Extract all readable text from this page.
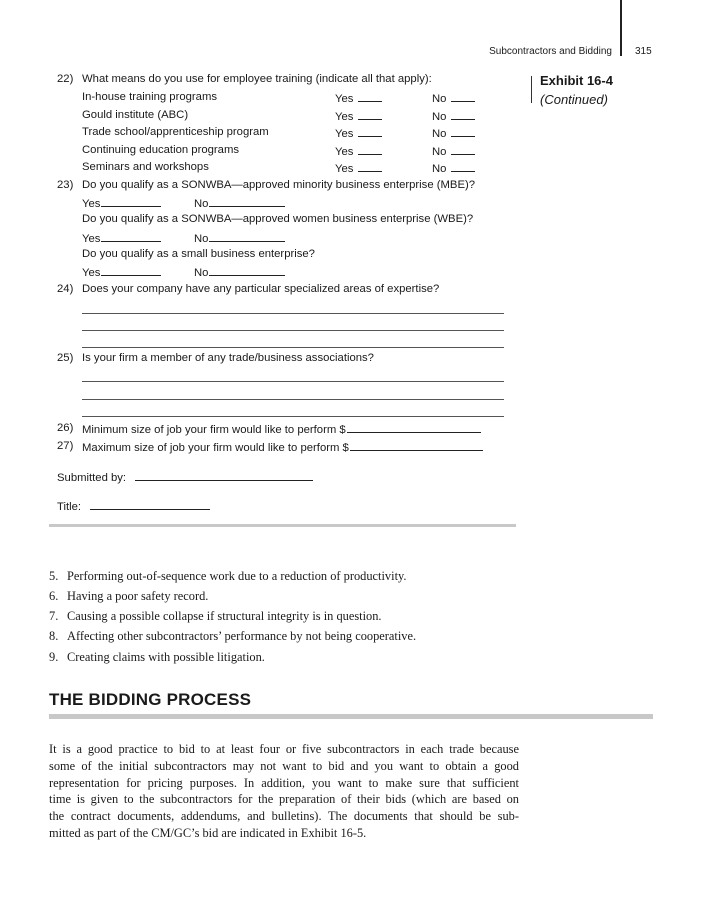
Subcontractors and Bidding 315
Exhibit 16-4
(Continued)
22) What means do you use for employee training (indicate all that apply):
In-house training programs	Yes	No
Gould institute (ABC)	Yes	No
Trade school/apprenticeship program	Yes	No
Continuing education programs	Yes	No
Seminars and workshops	Yes	No
23) Do you qualify as a SONWBA—approved minority business enterprise (MBE)?
Yes	No
Do you qualify as a SONWBA—approved women business enterprise (WBE)?
Yes	No
Do you qualify as a small business enterprise?
Yes	No
24) Does your company have any particular specialized areas of expertise?
25) Is your firm a member of any trade/business associations?
26) Minimum size of job your firm would like to perform $
27) Maximum size of job your firm would like to perform $
Submitted by:
Title:
5. Performing out-of-sequence work due to a reduction of productivity.
6. Having a poor safety record.
7. Causing a possible collapse if structural integrity is in question.
8. Affecting other subcontractors’ performance by not being cooperative.
9. Creating claims with possible litigation.
THE BIDDING PROCESS
It is a good practice to bid to at least four or five subcontractors in each trade because
some of the initial subcontractors may not want to bid and you want to obtain a good
representation for pricing purposes. In addition, you want to make sure that sufficient
time is given to the subcontractors for the preparation of their bids (which are based on
the contract documents, addendums, and bulletins). The documents that should be sub-
mitted as part of the CM/GC’s bid are indicated in Exhibit 16-5.
